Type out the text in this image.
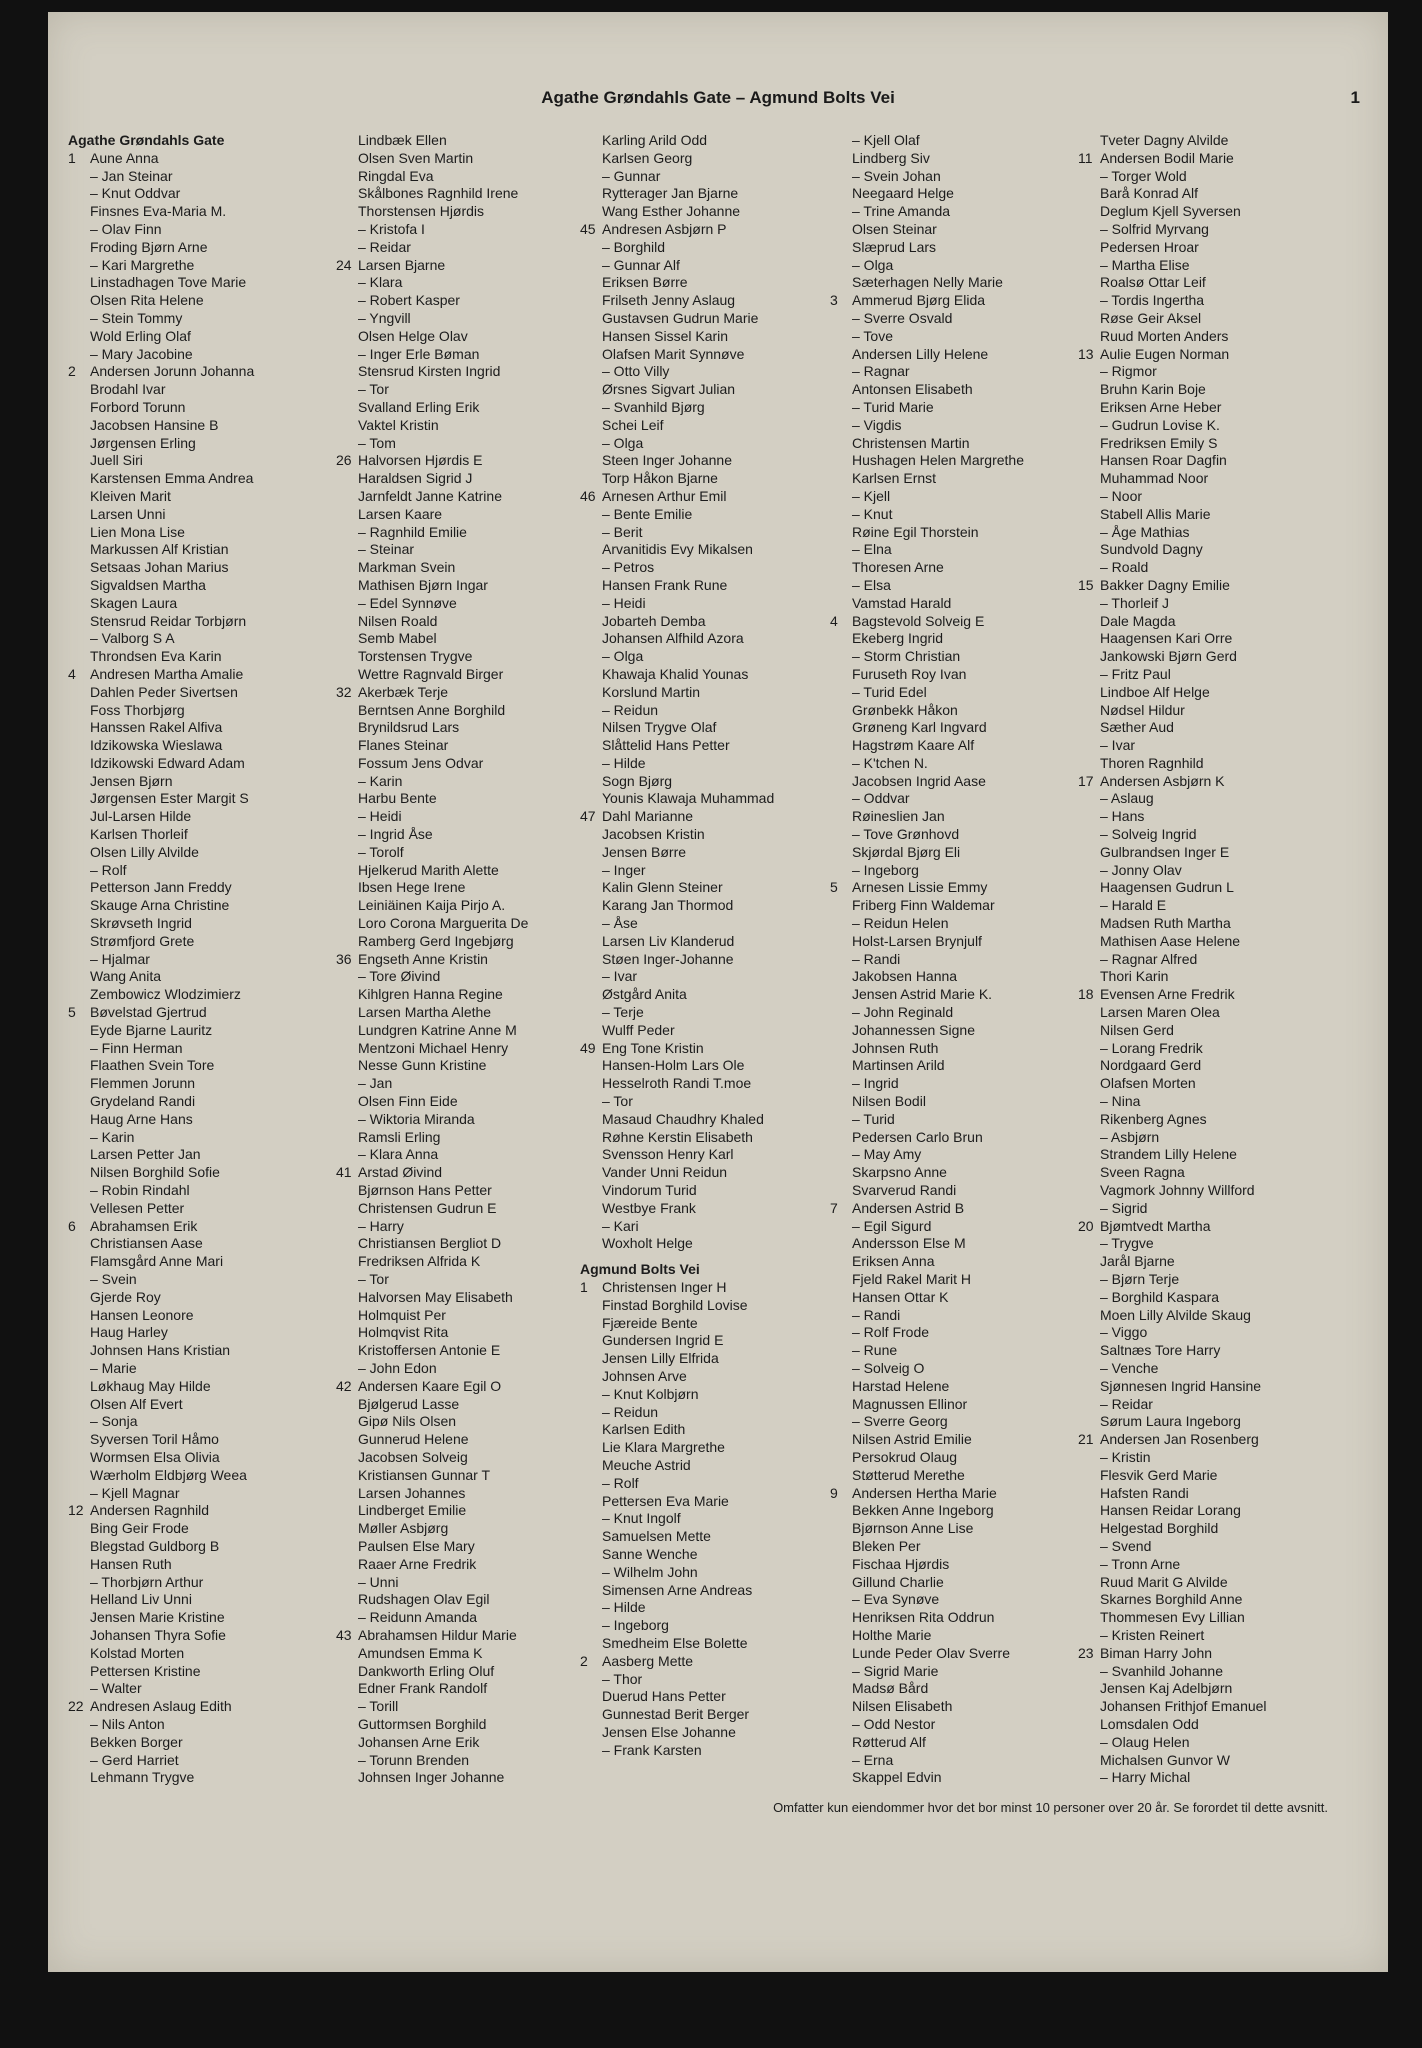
Agathe Grøndahls Gate – Agmund Bolts Vei	1
Agathe Grøndahls Gate
1 Aune Anna
– Jan Steinar
– Knut Oddvar
Finsnes Eva-Maria M.
– Olav Finn
Froding Bjørn Arne
– Kari Margrethe
Linstadhagen Tove Marie
Olsen Rita Helene
– Stein Tommy
Wold Erling Olaf
– Mary Jacobine
2 Andersen Jorunn Johanna
Brodahl Ivar
Forbord Torunn
Jacobsen Hansine B
Jørgensen Erling
Juell Siri
Karstensen Emma Andrea
Kleiven Marit
Larsen Unni
Lien Mona Lise
Markussen Alf Kristian
Setsaas Johan Marius
Sigvaldsen Martha
Skagen Laura
Stensrud Reidar Torbjørn
– Valborg S A
Throndsen Eva Karin
4 Andresen Martha Amalie
Dahlen Peder Sivertsen
Foss Thorbjørg
Hanssen Rakel Alfiva
Idzikowska Wieslawa
Idzikowski Edward Adam
Jensen Bjørn
Jørgensen Ester Margit S
Jul-Larsen Hilde
Karlsen Thorleif
Olsen Lilly Alvilde
– Rolf
Petterson Jann Freddy
Skauge Arna Christine
Skrøvseth Ingrid
Strømfjord Grete
– Hjalmar
Wang Anita
Zembowicz Wlodzimierz
5 Bøvelstad Gjertrud
Eyde Bjarne Lauritz
– Finn Herman
Flaathen Svein Tore
Flemmen Jorunn
Grydeland Randi
Haug Arne Hans
– Karin
Larsen Petter Jan
Nilsen Borghild Sofie
– Robin Rindahl
Vellesen Petter
6 Abrahamsen Erik
Christiansen Aase
Flamsgård Anne Mari
– Svein
Gjerde Roy
Hansen Leonore
Haug Harley
Johnsen Hans Kristian
– Marie
Løkhaug May Hilde
Olsen Alf Evert
– Sonja
Syversen Toril Håmo
Wormsen Elsa Olivia
Wærholm Eldbjørg Weea
– Kjell Magnar
12 Andersen Ragnhild
Bing Geir Frode
Blegstad Guldborg B
Hansen Ruth
– Thorbjørn Arthur
Helland Liv Unni
Jensen Marie Kristine
Johansen Thyra Sofie
Kolstad Morten
Pettersen Kristine
– Walter
22 Andresen Aslaug Edith
– Nils Anton
Bekken Borger
– Gerd Harriet
Lehmann Trygve
Lindbæk Ellen
Olsen Sven Martin
Ringdal Eva
Skålbones Ragnhild Irene
Thorstensen Hjørdis
– Kristofa I
– Reidar
24 Larsen Bjarne
– Klara
– Robert Kasper
– Yngvill
Olsen Helge Olav
– Inger Erle Bøman
Stensrud Kirsten Ingrid
– Tor
Svalland Erling Erik
Vaktel Kristin
– Tom
26 Halvorsen Hjørdis E
Haraldsen Sigrid J
Jarnfeldt Janne Katrine
Larsen Kaare
– Ragnhild Emilie
– Steinar
Markman Svein
Mathisen Bjørn Ingar
– Edel Synnøve
Nilsen Roald
Semb Mabel
Torstensen Trygve
Wettre Ragnvald Birger
32 Akerbæk Terje
Berntsen Anne Borghild
Brynildsrud Lars
Flanes Steinar
Fossum Jens Odvar
– Karin
Harbu Bente
– Heidi
– Ingrid Åse
– Torolf
Hjelkerud Marith Alette
Ibsen Hege Irene
Leiniäinen Kaija Pirjo A.
Loro Corona Marguerita De
Ramberg Gerd Ingebjørg
36 Engseth Anne Kristin
– Tore Øivind
Kihlgren Hanna Regine
Larsen Martha Alethe
Lundgren Katrine Anne M
Mentzoni Michael Henry
Nesse Gunn Kristine
– Jan
Olsen Finn Eide
– Wiktoria Miranda
Ramsli Erling
– Klara Anna
41 Arstad Øivind
Bjørnson Hans Petter
Christensen Gudrun E
– Harry
Christiansen Bergliot D
Fredriksen Alfrida K
– Tor
Halvorsen May Elisabeth
Holmquist Per
Holmqvist Rita
Kristoffersen Antonie E
– John Edon
42 Andersen Kaare Egil O
Bjølgerud Lasse
Gipø Nils Olsen
Gunnerud Helene
Jacobsen Solveig
Kristiansen Gunnar T
Larsen Johannes
Lindberget Emilie
Møller Asbjørg
Paulsen Else Mary
Raaer Arne Fredrik
– Unni
Rudshagen Olav Egil
– Reidunn Amanda
43 Abrahamsen Hildur Marie
Amundsen Emma K
Dankworth Erling Oluf
Edner Frank Randolf
– Torill
Guttormsen Borghild
Johansen Arne Erik
– Torunn Brenden
Johnsen Inger Johanne
Karling Arild Odd
Karlsen Georg
– Gunnar
Rytterager Jan Bjarne
Wang Esther Johanne
45 Andresen Asbjørn P
– Borghild
– Gunnar Alf
Eriksen Børre
Frilseth Jenny Aslaug
Gustavsen Gudrun Marie
Hansen Sissel Karin
Olafsen Marit Synnøve
– Otto Villy
Ørsnes Sigvart Julian
– Svanhild Bjørg
Schei Leif
– Olga
Steen Inger Johanne
Torp Håkon Bjarne
46 Arnesen Arthur Emil
– Bente Emilie
– Berit
Arvanitidis Evy Mikalsen
– Petros
Hansen Frank Rune
– Heidi
Jobarteh Demba
Johansen Alfhild Azora
– Olga
Khawaja Khalid Younas
Korslund Martin
– Reidun
Nilsen Trygve Olaf
Slåttelid Hans Petter
– Hilde
Sogn Bjørg
Younis Klawaja Muhammad
47 Dahl Marianne
Jacobsen Kristin
Jensen Børre
– Inger
Kalin Glenn Steiner
Karang Jan Thormod
– Åse
Larsen Liv Klanderud
Støen Inger-Johanne
– Ivar
Østgård Anita
– Terje
Wulff Peder
49 Eng Tone Kristin
Hansen-Holm Lars Ole
Hesselroth Randi T.moe
– Tor
Masaud Chaudhry Khaled
Røhne Kerstin Elisabeth
Svensson Henry Karl
Vander Unni Reidun
Vindorum Turid
Westbye Frank
– Kari
Woxholt Helge
Agmund Bolts Vei
1 Christensen Inger H
Finstad Borghild Lovise
Fjæreide Bente
Gundersen Ingrid E
Jensen Lilly Elfrida
Johnsen Arve
– Knut Kolbjørn
– Reidun
Karlsen Edith
Lie Klara Margrethe
Meuche Astrid
– Rolf
Pettersen Eva Marie
– Knut Ingolf
Samuelsen Mette
Sanne Wenche
– Wilhelm John
Simensen Arne Andreas
– Hilde
– Ingeborg
Smedheim Else Bolette
2 Aasberg Mette
– Thor
Duerud Hans Petter
Gunnestad Berit Berger
Jensen Else Johanne
– Frank Karsten
– Kjell Olaf
Lindberg Siv
– Svein Johan
Neegaard Helge
– Trine Amanda
Olsen Steinar
Slæprud Lars
– Olga
Sæterhagen Nelly Marie
3 Ammerud Bjørg Elida
– Sverre Osvald
– Tove
Andersen Lilly Helene
– Ragnar
Antonsen Elisabeth
– Turid Marie
– Vigdis
Christensen Martin
Hushagen Helen Margrethe
Karlsen Ernst
– Kjell
– Knut
Røine Egil Thorstein
– Elna
Thoresen Arne
– Elsa
Vamstad Harald
4 Bagstevold Solveig E
Ekeberg Ingrid
– Storm Christian
Furuseth Roy Ivan
– Turid Edel
Grønbekk Håkon
Grøneng Karl Ingvard
Hagstrøm Kaare Alf
– K'tchen N.
Jacobsen Ingrid Aase
– Oddvar
Røineslien Jan
– Tove Grønhovd
Skjørdal Bjørg Eli
– Ingeborg
5 Arnesen Lissie Emmy
Friberg Finn Waldemar
– Reidun Helen
Holst-Larsen Brynjulf
– Randi
Jakobsen Hanna
Jensen Astrid Marie K.
– John Reginald
Johannessen Signe
Johnsen Ruth
Martinsen Arild
– Ingrid
Nilsen Bodil
– Turid
Pedersen Carlo Brun
– May Amy
Skarpsno Anne
Svarverud Randi
7 Andersen Astrid B
– Egil Sigurd
Andersson Else M
Eriksen Anna
Fjeld Rakel Marit H
Hansen Ottar K
– Randi
– Rolf Frode
– Rune
– Solveig O
Harstad Helene
Magnussen Ellinor
– Sverre Georg
Nilsen Astrid Emilie
Persokrud Olaug
Støtterud Merethe
9 Andersen Hertha Marie
Bekken Anne Ingeborg
Bjørnson Anne Lise
Bleken Per
Fischaa Hjørdis
Gillund Charlie
– Eva Synøve
Henriksen Rita Oddrun
Holthe Marie
Lunde Peder Olav Sverre
– Sigrid Marie
Madsø Bård
Nilsen Elisabeth
– Odd Nestor
Røtterud Alf
– Erna
Skappel Edvin
Tveter Dagny Alvilde
11 Andersen Bodil Marie
– Torger Wold
Barå Konrad Alf
Deglum Kjell Syversen
– Solfrid Myrvang
Pedersen Hroar
– Martha Elise
Roalsø Ottar Leif
– Tordis Ingertha
Røse Geir Aksel
Ruud Morten Anders
13 Aulie Eugen Norman
– Rigmor
Bruhn Karin Boje
Eriksen Arne Heber
– Gudrun Lovise K.
Fredriksen Emily S
Hansen Roar Dagfin
Muhammad Noor
– Noor
Stabell Allis Marie
– Åge Mathias
Sundvold Dagny
– Roald
15 Bakker Dagny Emilie
– Thorleif J
Dale Magda
Haagensen Kari Orre
Jankowski Bjørn Gerd
– Fritz Paul
Lindboe Alf Helge
Nødsel Hildur
Sæther Aud
– Ivar
Thoren Ragnhild
17 Andersen Asbjørn K
– Aslaug
– Hans
– Solveig Ingrid
Gulbrandsen Inger E
– Jonny Olav
Haagensen Gudrun L
– Harald E
Madsen Ruth Martha
Mathisen Aase Helene
– Ragnar Alfred
Thori Karin
18 Evensen Arne Fredrik
Larsen Maren Olea
Nilsen Gerd
– Lorang Fredrik
Nordgaard Gerd
Olafsen Morten
– Nina
Rikenberg Agnes
– Asbjørn
Strandem Lilly Helene
Sveen Ragna
Vagmork Johnny Willford
– Sigrid
20 Bjømtvedt Martha
– Trygve
Jarål Bjarne
– Bjørn Terje
– Borghild Kaspara
Moen Lilly Alvilde Skaug
– Viggo
Saltnæs Tore Harry
– Venche
Sjønnesen Ingrid Hansine
– Reidar
Sørum Laura Ingeborg
21 Andersen Jan Rosenberg
– Kristin
Flesvik Gerd Marie
Hafsten Randi
Hansen Reidar Lorang
Helgestad Borghild
– Svend
– Tronn Arne
Ruud Marit G Alvilde
Skarnes Borghild Anne
Thommesen Evy Lillian
– Kristen Reinert
23 Biman Harry John
– Svanhild Johanne
Jensen Kaj Adelbjørn
Johansen Frithjof Emanuel
Lomsdalen Odd
– Olaug Helen
Michalsen Gunvor W
– Harry Michal
Omfatter kun eiendommer hvor det bor minst 10 personer over 20 år. Se forordet til dette avsnitt.
